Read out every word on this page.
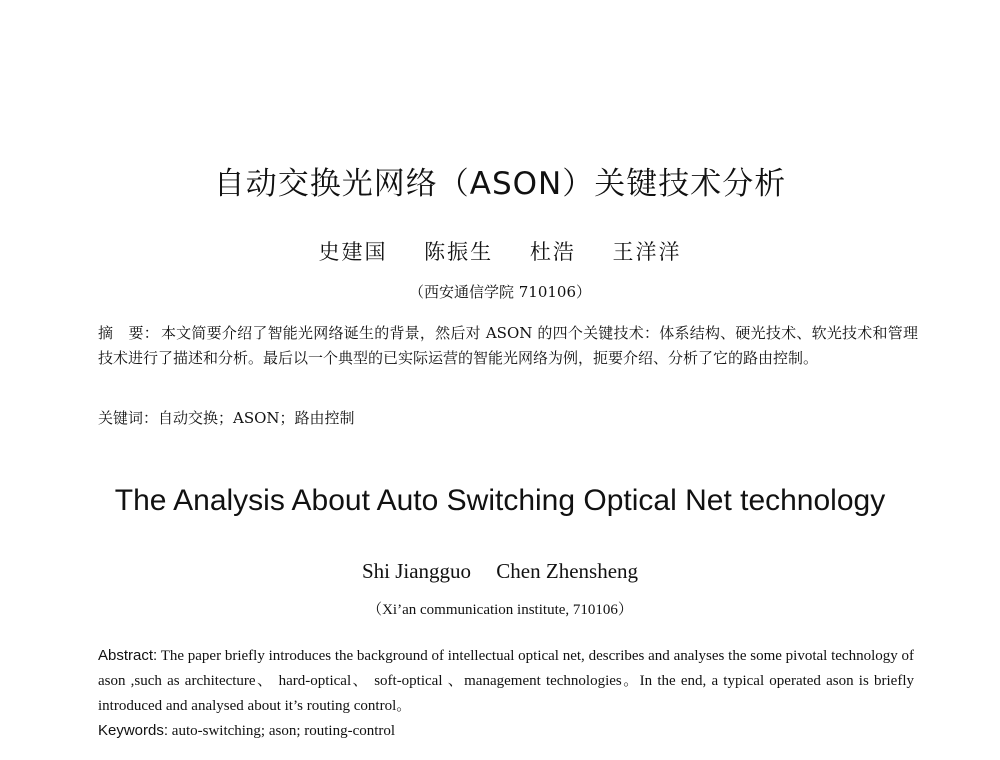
自动交换光网络（ASON）关键技术分析
史建国 陈振生 杜浩 王洋洋
（西安通信学院 710106）
摘　要： 本文简要介绍了智能光网络诞生的背景，然后对 ASON 的四个关键技术：体系结构、硬光技术、软光技术和管理技术进行了描述和分析。最后以一个典型的已实际运营的智能光网络为例，扼要介绍、分析了它的路由控制。
关键词：自动交换；ASON；路由控制
The Analysis About Auto Switching Optical Net technology
Shi Jiangguo Chen Zhensheng
（Xi’an communication institute, 710106）
Abstract: The paper briefly introduces the background of intellectual optical net, describes and analyses the some pivotal technology of ason ,such as architecture、 hard-optical、 soft-optical 、management technologies。In the end, a typical operated ason is briefly introduced and analysed about it’s routing control。
Keywords: auto-switching; ason; routing-control
